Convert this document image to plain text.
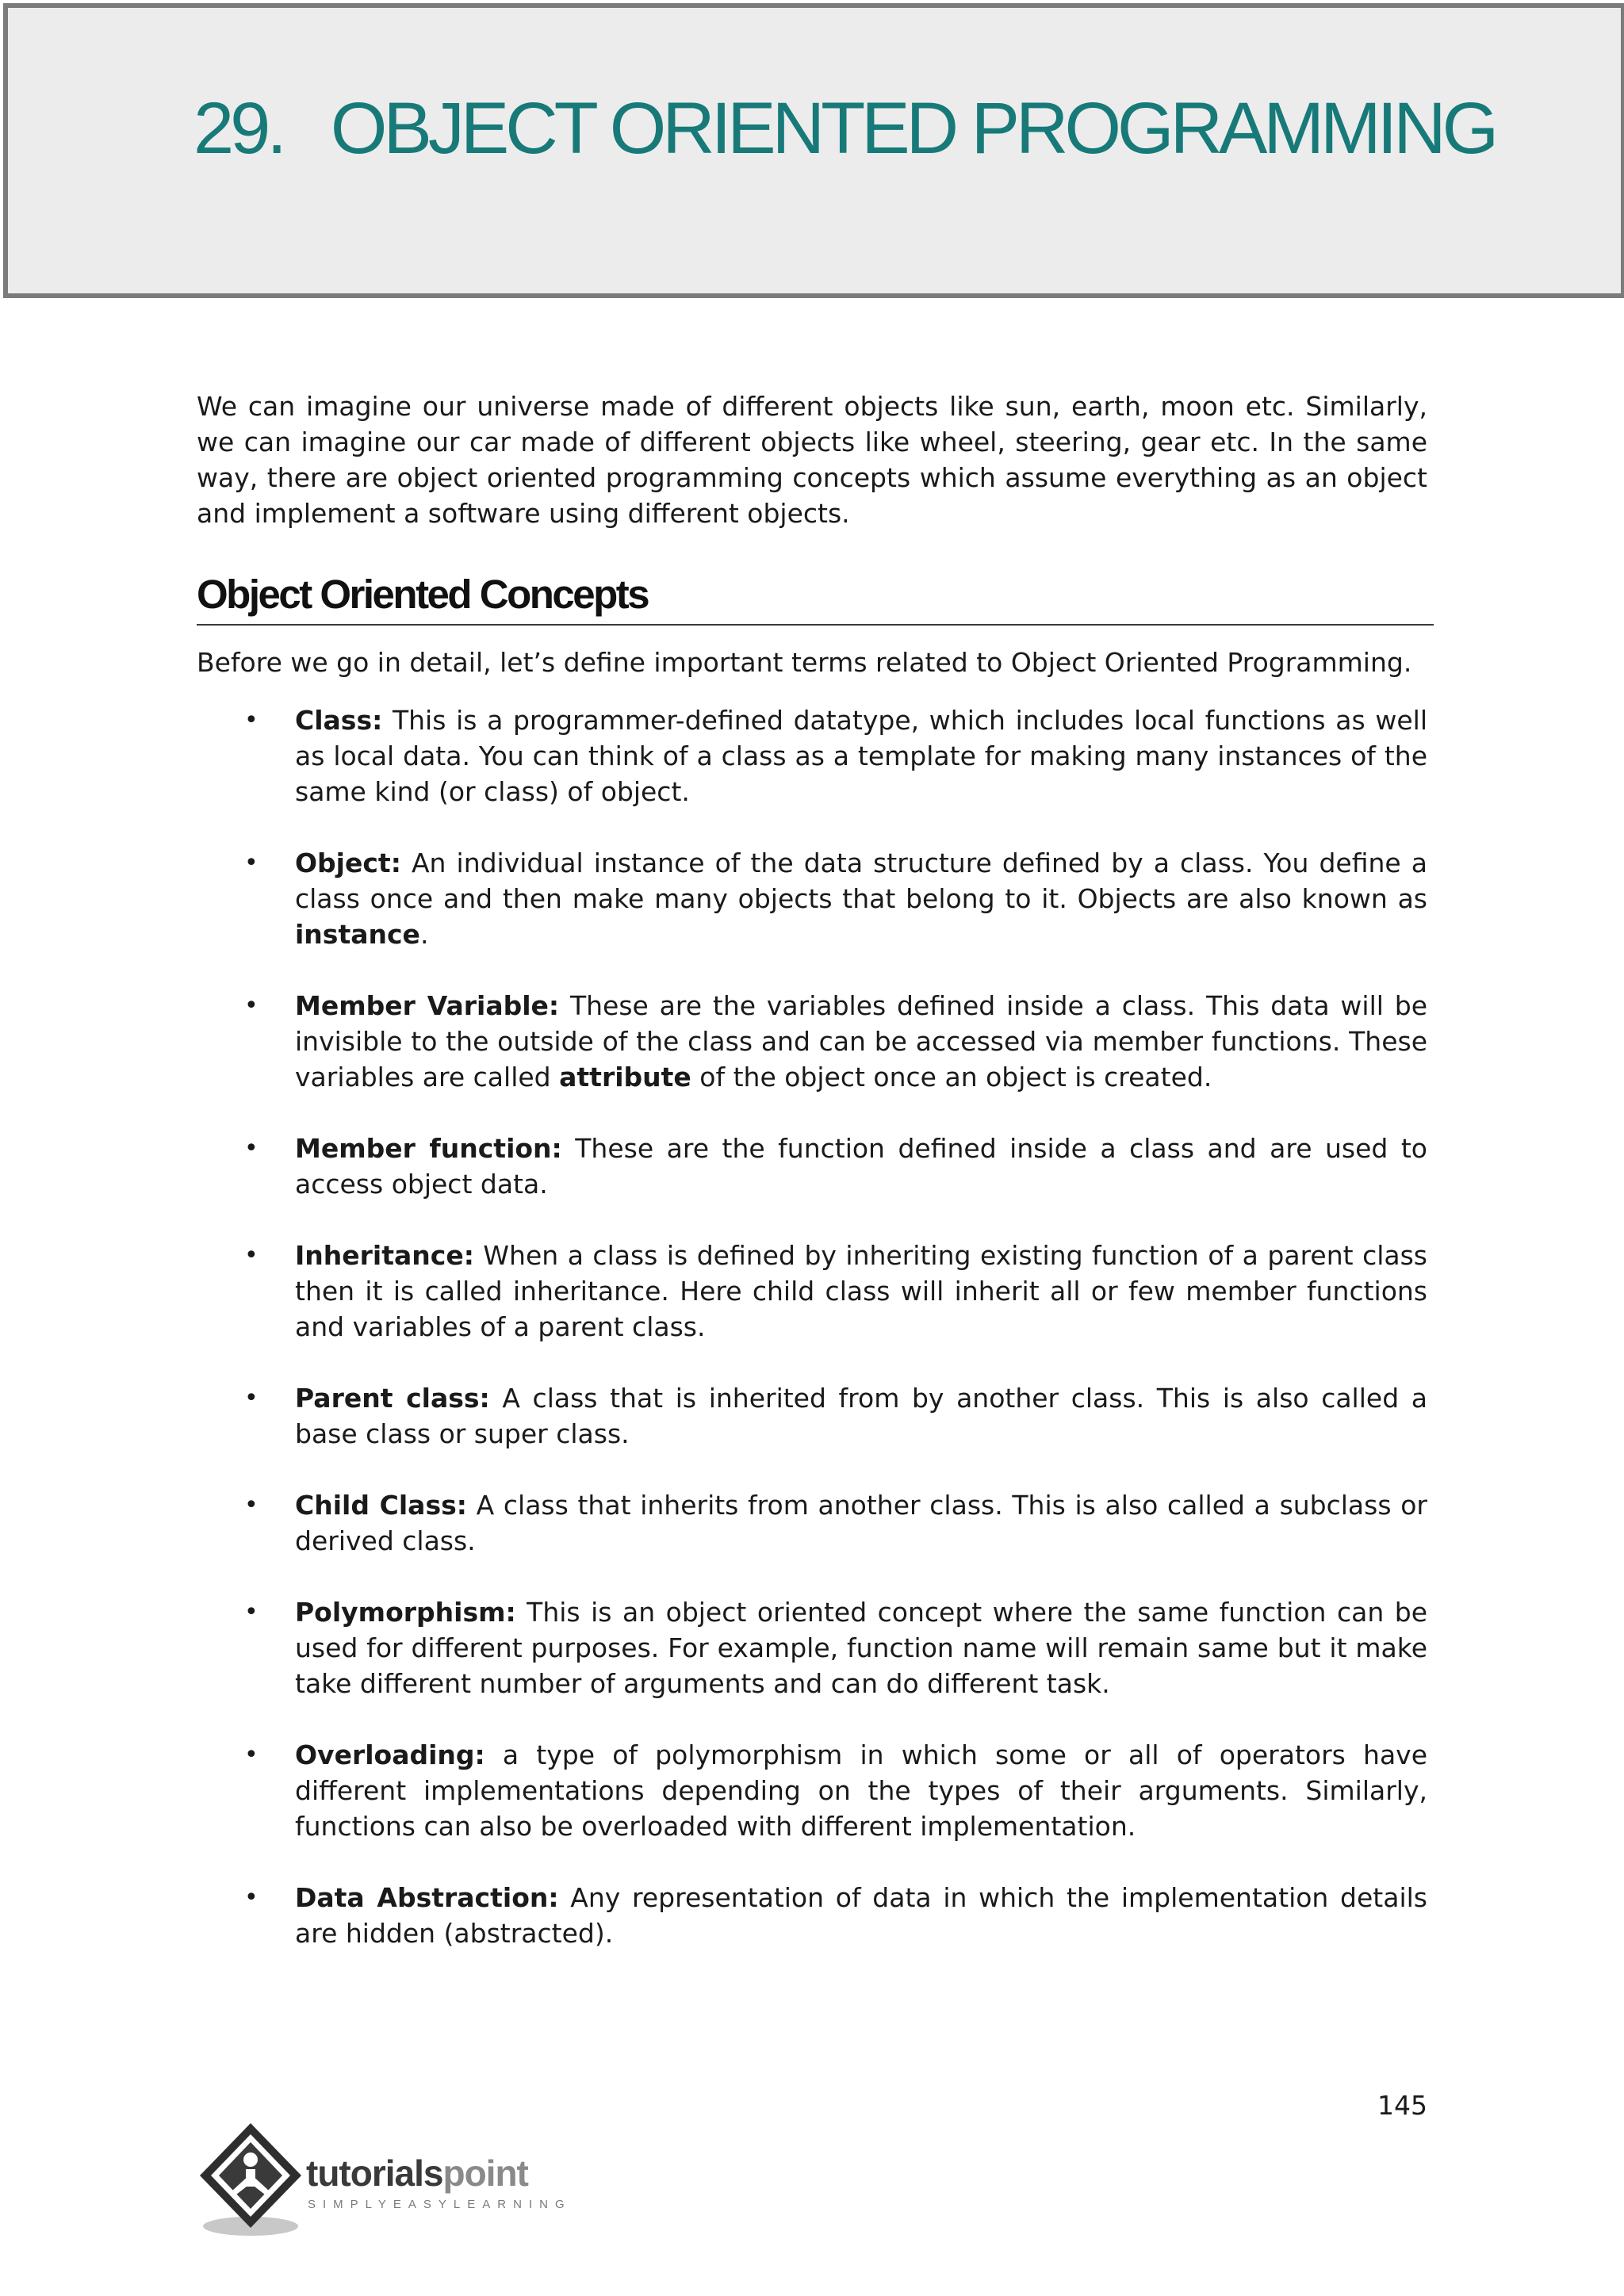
29. OBJECT ORIENTED PROGRAMMING

We can imagine our universe made of different objects like sun, earth, moon etc. Similarly, we can imagine our car made of different objects like wheel, steering, gear etc. In the same way, there are object oriented programming concepts which assume everything as an object and implement a software using different objects.

Object Oriented Concepts

Before we go in detail, let’s define important terms related to Object Oriented Programming.

• Class: This is a programmer-defined datatype, which includes local functions as well as local data. You can think of a class as a template for making many instances of the same kind (or class) of object.
• Object: An individual instance of the data structure defined by a class. You define a class once and then make many objects that belong to it. Objects are also known as instance.
• Member Variable: These are the variables defined inside a class. This data will be invisible to the outside of the class and can be accessed via member functions. These variables are called attribute of the object once an object is created.
• Member function: These are the function defined inside a class and are used to access object data.
• Inheritance: When a class is defined by inheriting existing function of a parent class then it is called inheritance. Here child class will inherit all or few member functions and variables of a parent class.
• Parent class: A class that is inherited from by another class. This is also called a base class or super class.
• Child Class: A class that inherits from another class. This is also called a subclass or derived class.
• Polymorphism: This is an object oriented concept where the same function can be used for different purposes. For example, function name will remain same but it make take different number of arguments and can do different task.
• Overloading: a type of polymorphism in which some or all of operators have different implementations depending on the types of their arguments. Similarly, functions can also be overloaded with different implementation.
• Data Abstraction: Any representation of data in which the implementation details are hidden (abstracted).
145
tutorialspoint
SIMPLYEASYLEARNING
